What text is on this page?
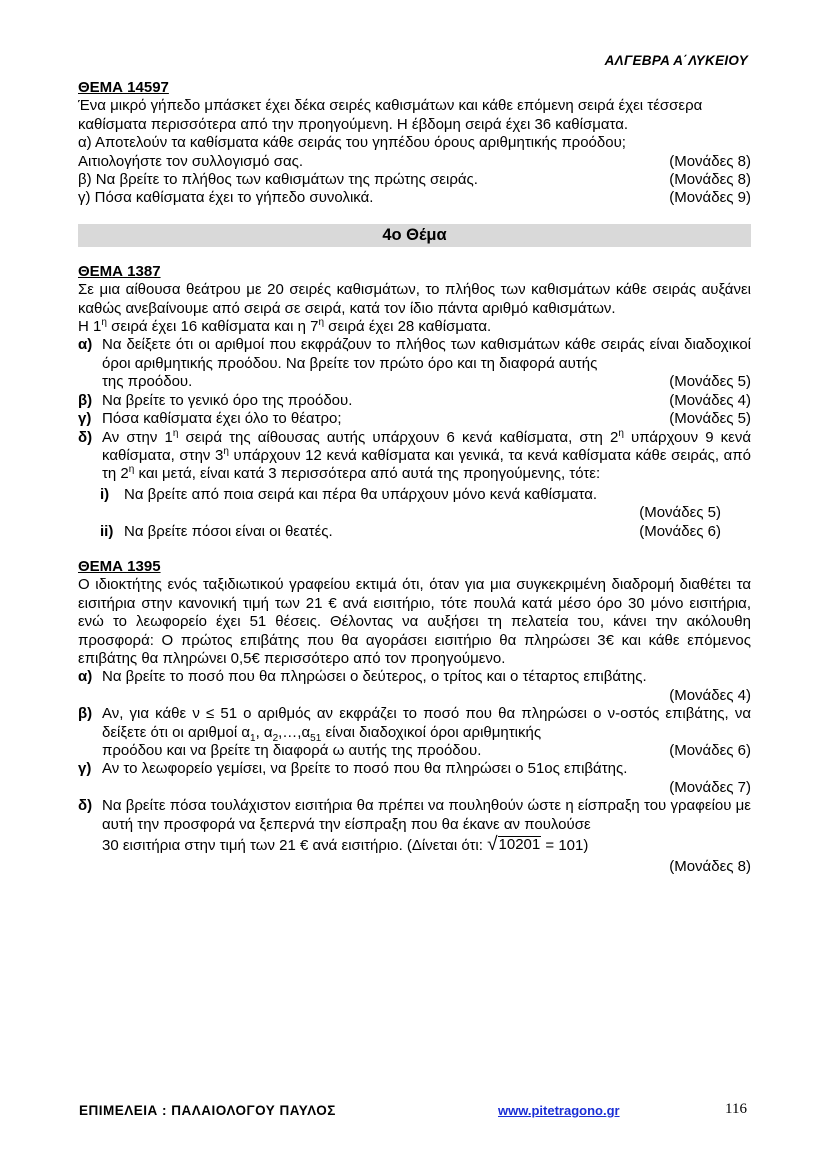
ΑΛΓΕΒΡΑ Α΄ΛΥΚΕΙΟΥ
ΘΕΜΑ 14597
Ένα μικρό γήπεδο μπάσκετ έχει δέκα σειρές καθισμάτων και κάθε επόμενη σειρά έχει τέσσερα καθίσματα περισσότερα από την προηγούμενη. Η έβδομη σειρά έχει 36 καθίσματα.
α) Αποτελούν τα καθίσματα κάθε σειράς του γηπέδου όρους αριθμητικής προόδου;
Αιτιολογήστε τον συλλογισμό σας.	(Μονάδες 8)
β) Να βρείτε το πλήθος των καθισμάτων της πρώτης σειράς.	(Μονάδες 8)
γ) Πόσα καθίσματα έχει το γήπεδο συνολικά.	(Μονάδες 9)
4ο Θέμα
ΘΕΜΑ 1387
Σε μια αίθουσα θεάτρου με 20 σειρές καθισμάτων, το πλήθος των καθισμάτων κάθε σειράς αυξάνει καθώς ανεβαίνουμε από σειρά σε σειρά, κατά τον ίδιο πάντα αριθμό καθισμάτων.
Η $1^\eta$ σειρά έχει 16 καθίσματα και η $7^\eta$ σειρά έχει 28 καθίσματα.
α) Να δείξετε ότι οι αριθμοί που εκφράζουν το πλήθος των καθισμάτων κάθε σειράς είναι διαδοχικοί όροι αριθμητικής προόδου. Να βρείτε τον πρώτο όρο και τη διαφορά αυτής
της προόδου.	(Μονάδες 5)
β) Να βρείτε το γενικό όρο της προόδου.	(Μονάδες 4)
γ) Πόσα καθίσματα έχει όλο το θέατρο;	(Μονάδες 5)
δ) Αν στην $1^\eta$ σειρά της αίθουσας αυτής υπάρχουν 6 κενά καθίσματα, στη $2^\eta$ υπάρχουν 9 κενά καθίσματα, στην $3^\eta$ υπάρχουν 12 κενά καθίσματα και γενικά, τα κενά καθίσματα κάθε σειράς, από τη $2^\eta$ και μετά, είναι κατά 3 περισσότερα από αυτά της προηγούμενης, τότε:
i) Να βρείτε από ποια σειρά και πέρα θα υπάρχουν μόνο κενά καθίσματα.
(Μονάδες 5)
ii) Να βρείτε πόσοι είναι οι θεατές.	(Μονάδες 6)
ΘΕΜΑ 1395
Ο ιδιοκτήτης ενός ταξιδιωτικού γραφείου εκτιμά ότι, όταν για μια συγκεκριμένη διαδρομή διαθέτει τα εισιτήρια στην κανονική τιμή των 21 € ανά εισιτήριο, τότε πουλά κατά μέσο όρο 30 μόνο εισιτήρια, ενώ το λεωφορείο έχει 51 θέσεις. Θέλοντας να αυξήσει τη πελατεία του, κάνει την ακόλουθη προσφορά: Ο πρώτος επιβάτης που θα αγοράσει εισιτήριο θα πληρώσει 3€ και κάθε επόμενος επιβάτης θα πληρώνει 0,5€ περισσότερο από τον προηγούμενο.
α) Να βρείτε το ποσό που θα πληρώσει ο δεύτερος, ο τρίτος και ο τέταρτος επιβάτης.
(Μονάδες 4)
β) Αν, για κάθε ν ≤ 51 ο αριθμός αν εκφράζει το ποσό που θα πληρώσει ο ν-οστός επιβάτης, να δείξετε ότι οι αριθμοί $\alpha_1$, $\alpha_2,\dots,\alpha_{51}$ είναι διαδοχικοί όροι αριθμητικής
προόδου και να βρείτε τη διαφορά ω αυτής της προόδου.	(Μονάδες 6)
γ) Αν το λεωφορείο γεμίσει, να βρείτε το ποσό που θα πληρώσει ο 51ος επιβάτης.
(Μονάδες 7)
δ) Να βρείτε πόσα τουλάχιστον εισιτήρια θα πρέπει να πουληθούν ώστε η είσπραξη του γραφείου με αυτή την προσφορά να ξεπερνά την είσπραξη που θα έκανε αν πουλούσε
30 εισιτήρια στην τιμή των 21 € ανά εισιτήριο. (Δίνεται ότι: √ 10201 = 101)
(Μονάδες 8)
ΕΠΙΜΕΛΕΙΑ : ΠΑΛΑΙΟΛΟΓΟΥ ΠΑΥΛΟΣ	www.pitetragono.gr	116
